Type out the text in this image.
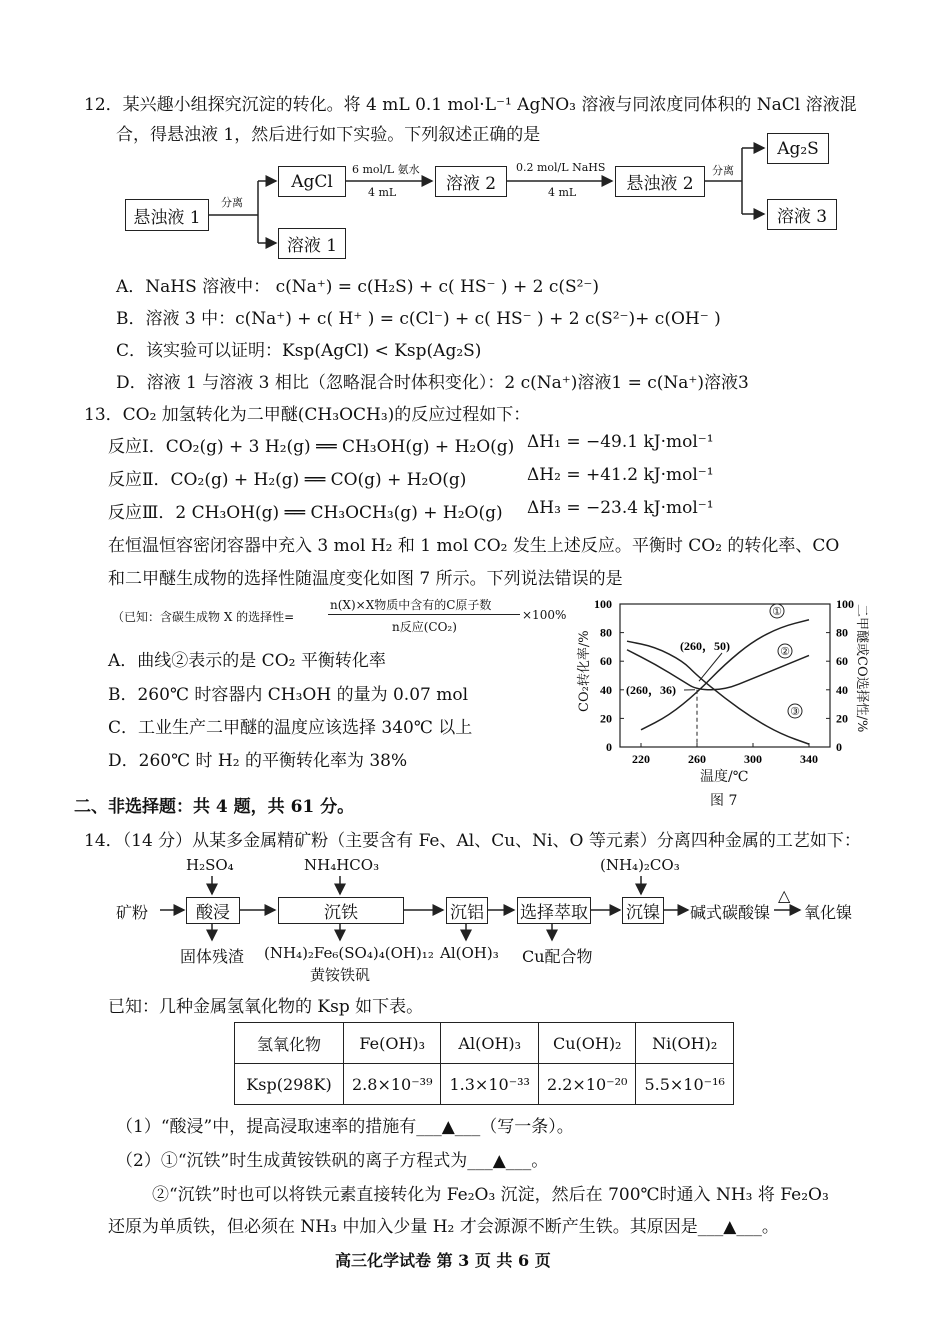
12．某兴趣小组探究沉淀的转化。将 4 mL 0.1 mol·L⁻¹ AgNO₃ 溶液与同浓度同体积的 NaCl 溶液混
合，得悬浊液 1，然后进行如下实验。下列叙述正确的是
悬浊液 1
分离
AgCl
溶液 1
6 mol/L 氨水
4 mL	溶液 2
0.2 mol/L NaHS
4 mL	悬浊液 2
分离
Ag₂S
溶液 3
A．NaHS 溶液中： c(Na⁺) = c(H₂S) + c( HS⁻ ) + 2 c(S²⁻)
B．溶液 3 中：c(Na⁺) + c( H⁺ ) = c(Cl⁻) + c( HS⁻ ) + 2 c(S²⁻)+ c(OH⁻ )
C．该实验可以证明：Ksp(AgCl) < Ksp(Ag₂S)
D．溶液 1 与溶液 3 相比（忽略混合时体积变化）：2 c(Na⁺)溶液1 = c(Na⁺)溶液3
13．CO₂ 加氢转化为二甲醚(CH₃OCH₃)的反应过程如下：
反应Ⅰ．CO₂(g) + 3 H₂(g) ══ CH₃OH(g) + H₂O(g) ΔH₁ = −49.1 kJ·mol⁻¹
反应Ⅱ．CO₂(g) + H₂(g) ══ CO(g) + H₂O(g)	ΔH₂ = +41.2 kJ·mol⁻¹
反应Ⅲ．2 CH₃OH(g) ══ CH₃OCH₃(g) + H₂O(g) ΔH₃ = −23.4 kJ·mol⁻¹
在恒温恒容密闭容器中充入 3 mol H₂ 和 1 mol CO₂ 发生上述反应。平衡时 CO₂ 的转化率、CO
和二甲醚生成物的选择性随温度变化如图 7 所示。下列说法错误的是
（已知：含碳生成物 X 的选择性=
n(X)×X物质中含有的C原子数
n反应(CO₂)
×100%
A．曲线②表示的是 CO₂ 平衡转化率
B．260℃ 时容器内 CH₃OH 的量为 0.07 mol
C．工业生产二甲醚的温度应该选择 340℃ 以上
D．260℃ 时 H₂ 的平衡转化率为 38%
0	0
20	20
40	40
60	60
80	80
100	100
220	260	300	340
①
②
③
(260，50)
(260，36)
CO₂转化率/%	二甲醚或CO选择性/%
温度/℃
图 7
二、非选择题：共 4 题，共 61 分。
14．（14 分）从某多金属精矿粉（主要含有 Fe、Al、Cu、Ni、O 等元素）分离四种金属的工艺如下：
矿粉
H₂SO₄
酸浸
固体残渣
NH₄HCO₃
沉铁
(NH₄)₂Fe₆(SO₄)₄(OH)₁₂
黄铵铁矾
沉铝
Al(OH)₃
选择萃取
Cu配合物
(NH₄)₂CO₃
沉镍 碱式碳酸镍
△
氧化镍
已知：几种金属氢氧化物的 Ksp 如下表。
氢氧化物	Fe(OH)₃	Al(OH)₃	Cu(OH)₂	Ni(OH)₂
Ksp(298K)	2.8×10⁻³⁹	1.3×10⁻³³	2.2×10⁻²⁰	5.5×10⁻¹⁶
（1）“酸浸”中，提高浸取速率的措施有___▲___（写一条）。
（2）①“沉铁”时生成黄铵铁矾的离子方程式为___▲___。
②“沉铁”时也可以将铁元素直接转化为 Fe₂O₃ 沉淀，然后在 700℃时通入 NH₃ 将 Fe₂O₃
还原为单质铁，但必须在 NH₃ 中加入少量 H₂ 才会源源不断产生铁。其原因是___▲___。
高三化学试卷 第 3 页 共 6 页
